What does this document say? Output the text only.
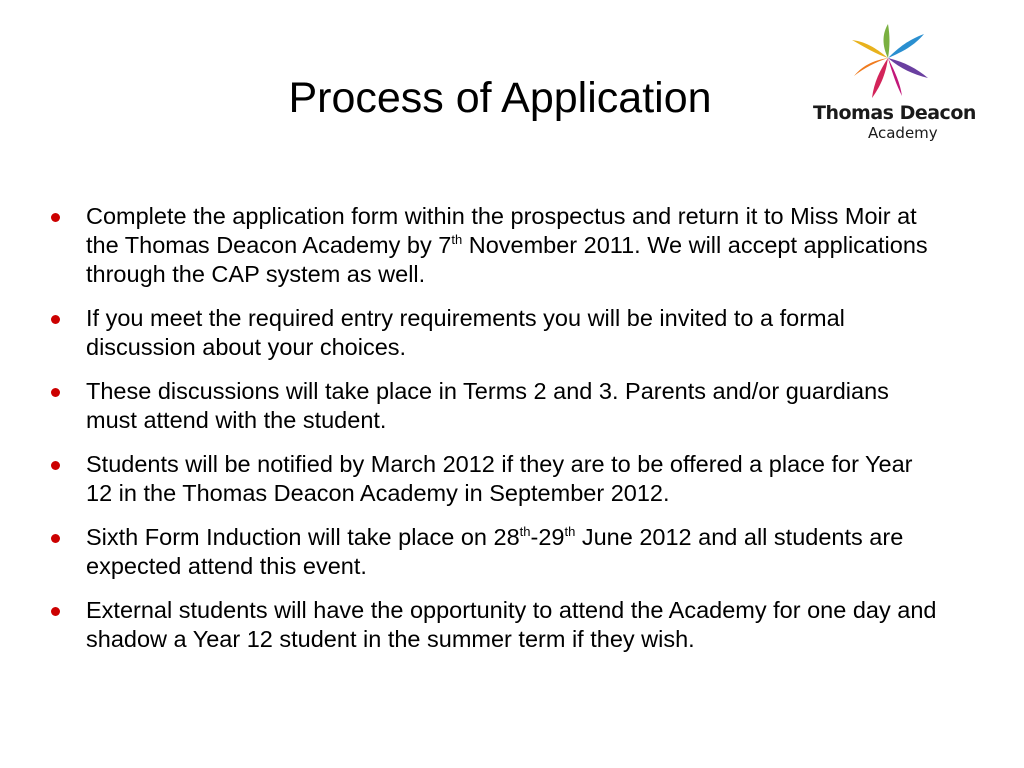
Process of Application	Thomas Deacon
Academy
Complete the application form within the prospectus and return it to Miss Moir at the Thomas Deacon Academy by 7th November 2011. We will accept applications through the CAP system as well.
If you meet the required entry requirements you will be invited to a formal discussion about your choices.
These discussions will take place in Terms 2 and 3. Parents and/or guardians must attend with the student.
Students will be notified by March 2012 if they are to be offered a place for Year 12 in the Thomas Deacon Academy in September 2012.
Sixth Form Induction will take place on 28th-29th June 2012 and all students are expected attend this event.
External students will have the opportunity to attend the Academy for one day and shadow a Year 12 student in the summer term if they wish.
